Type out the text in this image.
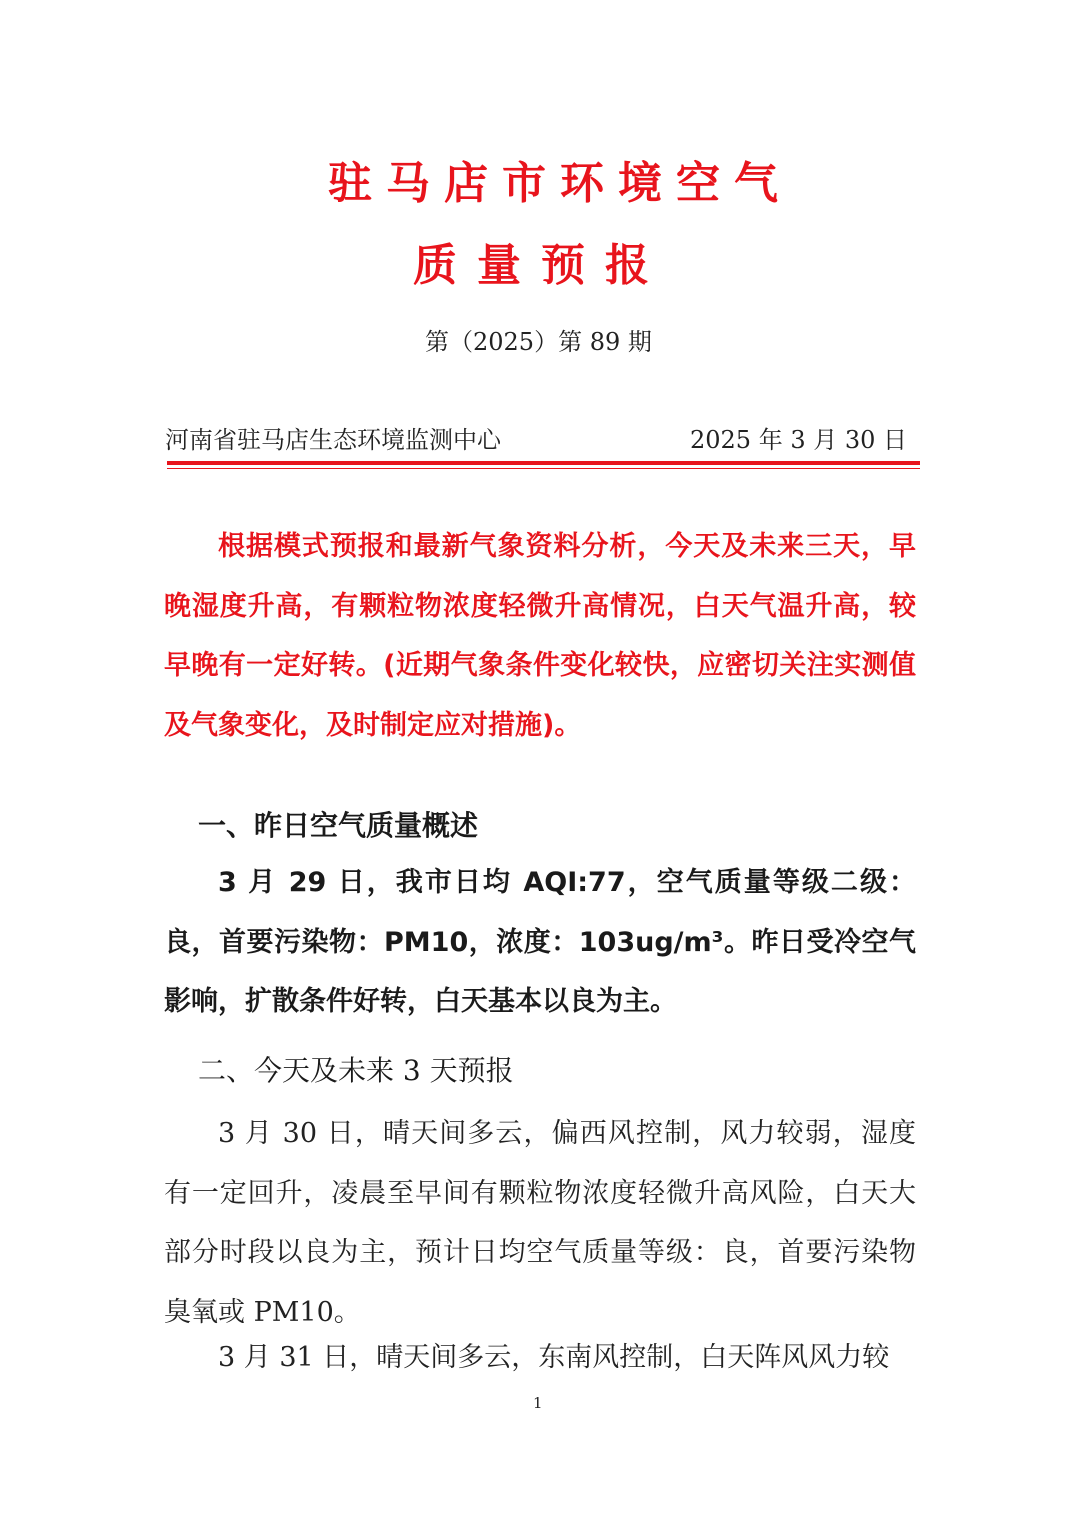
驻马店市环境空气
质量预报
第（2025）第 89 期
河南省驻马店生态环境监测中心	2025 年 3 月 30 日
根据模式预报和最新气象资料分析，今天及未来三天，早晚湿度升高，有颗粒物浓度轻微升高情况，白天气温升高，较早晚有一定好转。(近期气象条件变化较快，应密切关注实测值及气象变化，及时制定应对措施)。
一、昨日空气质量概述
3 月 29 日，我市日均 AQI:77，空气质量等级二级：良，首要污染物：PM10，浓度：103ug/m³。昨日受冷空气影响，扩散条件好转，白天基本以良为主。
二、今天及未来 3 天预报
3 月 30 日，晴天间多云，偏西风控制，风力较弱，湿度有一定回升，凌晨至早间有颗粒物浓度轻微升高风险，白天大部分时段以良为主，预计日均空气质量等级：良，首要污染物臭氧或 PM10。
3 月 31 日，晴天间多云，东南风控制，白天阵风风力较
1
